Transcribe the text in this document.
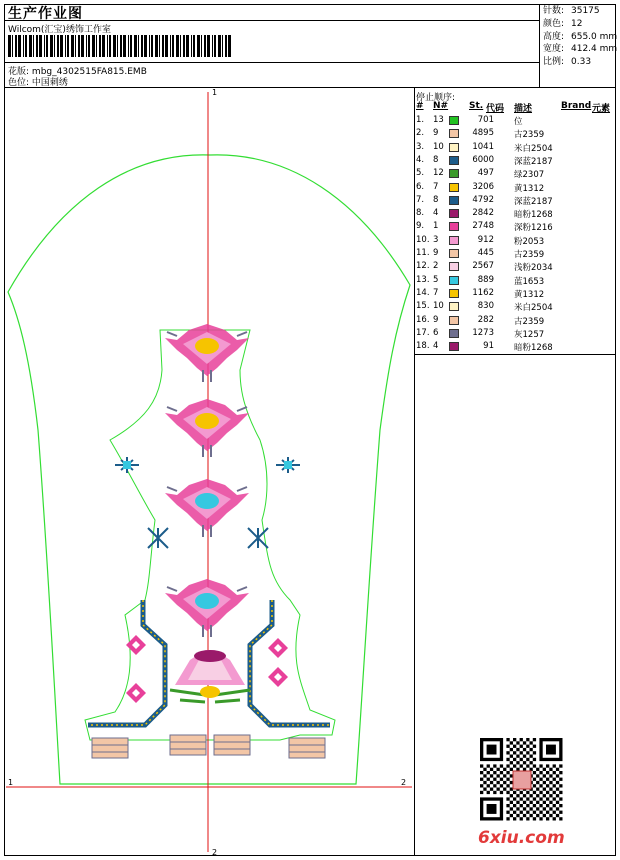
生产作业图
Wilcom(汇宝)绣饰工作室
花版: mbg_4302515FA815.EMB
色位: 中国刺绣
针数: 35175
颜色: 12
高度: 655.0 mm
宽度: 412.4 mm
比例: 0.33
停止顺序:
# N# St. 代码 描述	Brand 元素
1. 13	701 位
2. 9	4895 古2359
3. 10	1041 米白2504
4. 8	6000 深蓝2187
5. 12	497 绿2307
6. 7	3206 黄1312
7. 8	4792 深蓝2187
8. 4	2842 暗粉1268
9. 1	2748 深粉1216
10. 3	912 粉2053
11. 9	445 古2359
12. 2	2567 浅粉2034
13. 5	889 蓝1653
14. 7	1162 黄1312
15. 10	830 米白2504
16. 9	282 古2359
17. 6	1273 灰1257
18. 4	91 暗粉1268
1
2
1	2
6xiu.com
